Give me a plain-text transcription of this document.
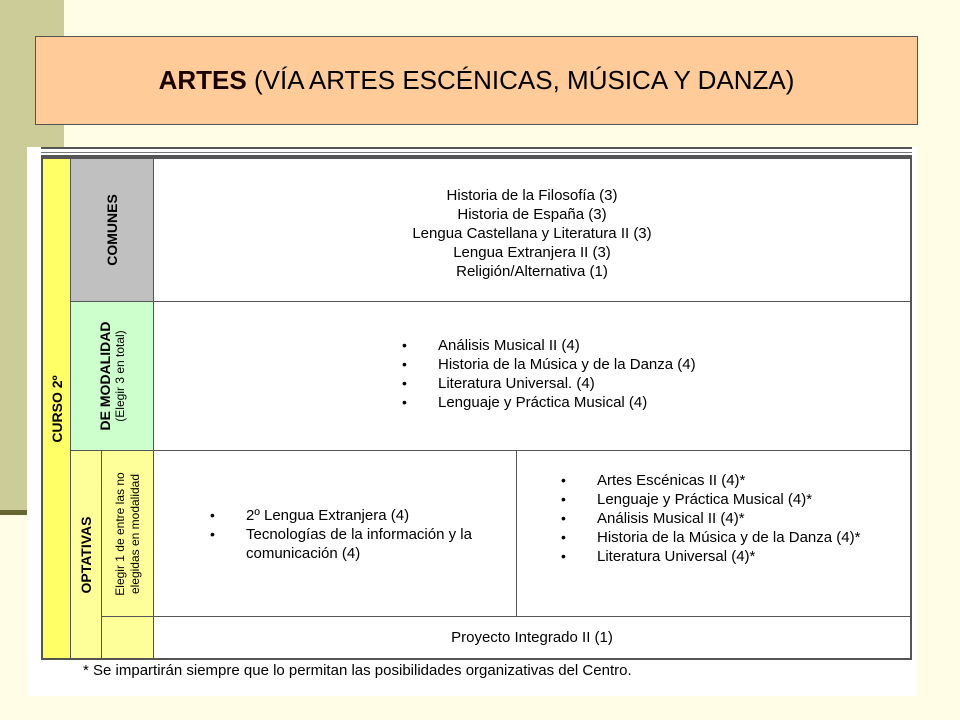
ARTES (VÍA ARTES ESCÉNICAS, MÚSICA Y DANZA)
CURSO 2º
COMUNES
DE MODALIDAD (Elegir 3 en total)
OPTATIVAS Elegir 1 de entre las no elegidas en modalidad
Historia de la Filosofía (3)
Historia de España (3)
Lengua Castellana y Literatura II (3)
Lengua Extranjera II (3)
Religión/Alternativa (1)
• Análisis Musical II (4)
• Historia de la Música y de la Danza (4)
• Literatura Universal. (4)
• Lenguaje y Práctica Musical (4)
• 2º Lengua Extranjera (4)
• Tecnologías de la información y la comunicación (4)
• Artes Escénicas II (4)*
• Lenguaje y Práctica Musical (4)*
• Análisis Musical II (4)*
• Historia de la Música y de la Danza (4)*
• Literatura Universal (4)*
Proyecto Integrado II (1)
* Se impartirán siempre que lo permitan las posibilidades organizativas del Centro.
